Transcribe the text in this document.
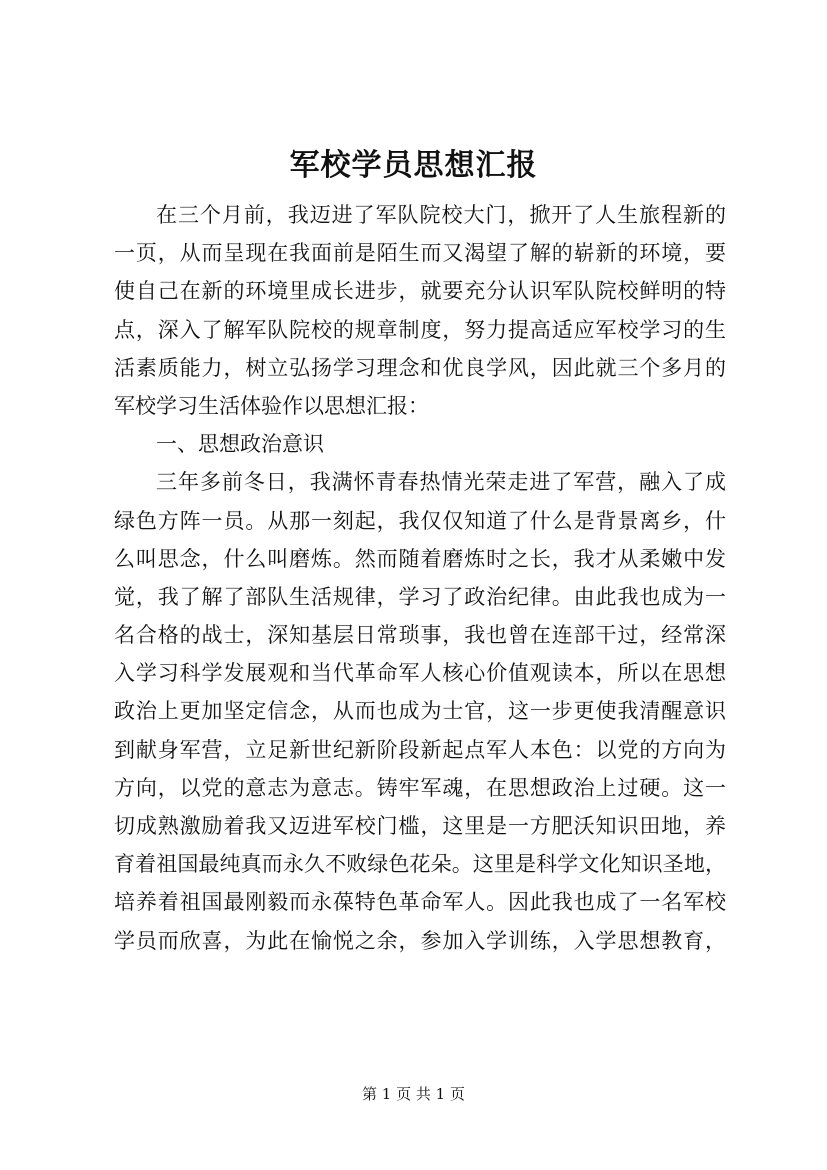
军校学员思想汇报
在三个月前，我迈进了军队院校大门，掀开了人生旅程新的
一页，从而呈现在我面前是陌生而又渴望了解的崭新的环境，要
使自己在新的环境里成长进步，就要充分认识军队院校鲜明的特
点，深入了解军队院校的规章制度，努力提高适应军校学习的生
活素质能力，树立弘扬学习理念和优良学风，因此就三个多月的
军校学习生活体验作以思想汇报：
一、思想政治意识
三年多前冬日，我满怀青春热情光荣走进了军营，融入了成
绿色方阵一员。从那一刻起，我仅仅知道了什么是背景离乡，什
么叫思念，什么叫磨炼。然而随着磨炼时之长，我才从柔嫩中发
觉，我了解了部队生活规律，学习了政治纪律。由此我也成为一
名合格的战士，深知基层日常琐事，我也曾在连部干过，经常深
入学习科学发展观和当代革命军人核心价值观读本，所以在思想
政治上更加坚定信念，从而也成为士官，这一步更使我清醒意识
到献身军营，立足新世纪新阶段新起点军人本色：以党的方向为
方向，以党的意志为意志。铸牢军魂，在思想政治上过硬。这一
切成熟激励着我又迈进军校门槛，这里是一方肥沃知识田地，养
育着祖国最纯真而永久不败绿色花朵。这里是科学文化知识圣地，
培养着祖国最刚毅而永葆特色革命军人。因此我也成了一名军校
学员而欣喜，为此在愉悦之余，参加入学训练，入学思想教育，
第 1 页 共 1 页
